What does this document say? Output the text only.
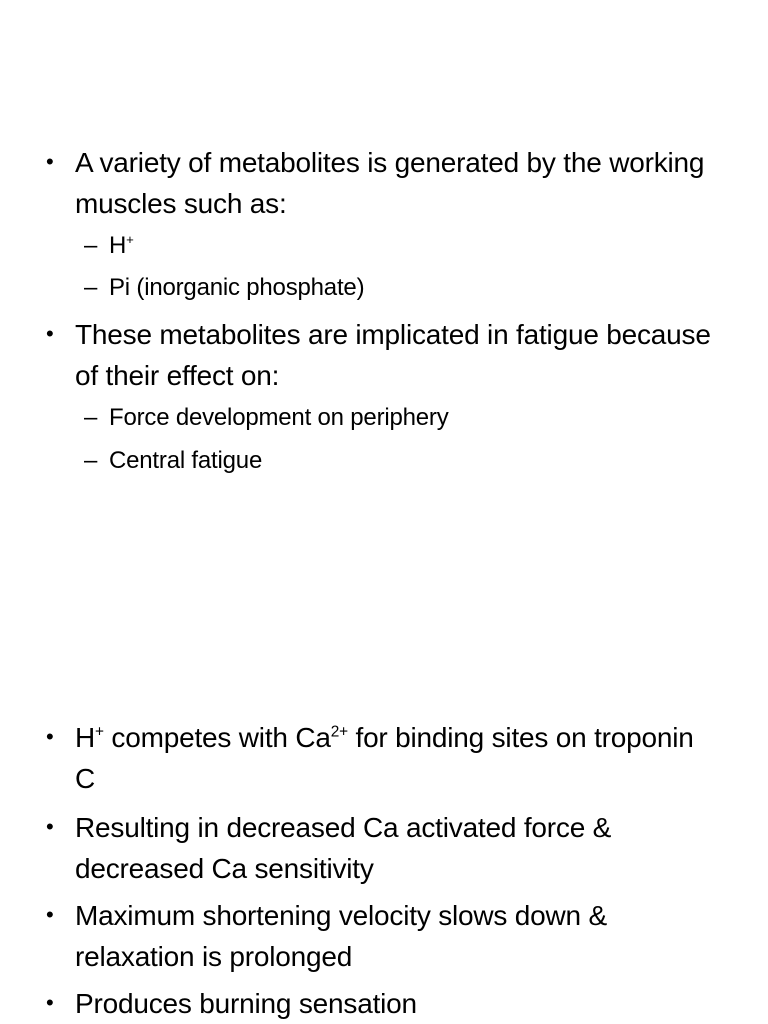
• A variety of metabolites is generated by the working muscles such as:
– H+
– Pi (inorganic phosphate)
• These metabolites are implicated in fatigue because of their effect on:
– Force development on periphery
– Central fatigue
• H+ competes with $Ca^{2+}$ for binding sites on troponin C
• Resulting in decreased Ca activated force & decreased Ca sensitivity
• Maximum shortening velocity slows down & relaxation is prolonged
• Produces burning sensation
